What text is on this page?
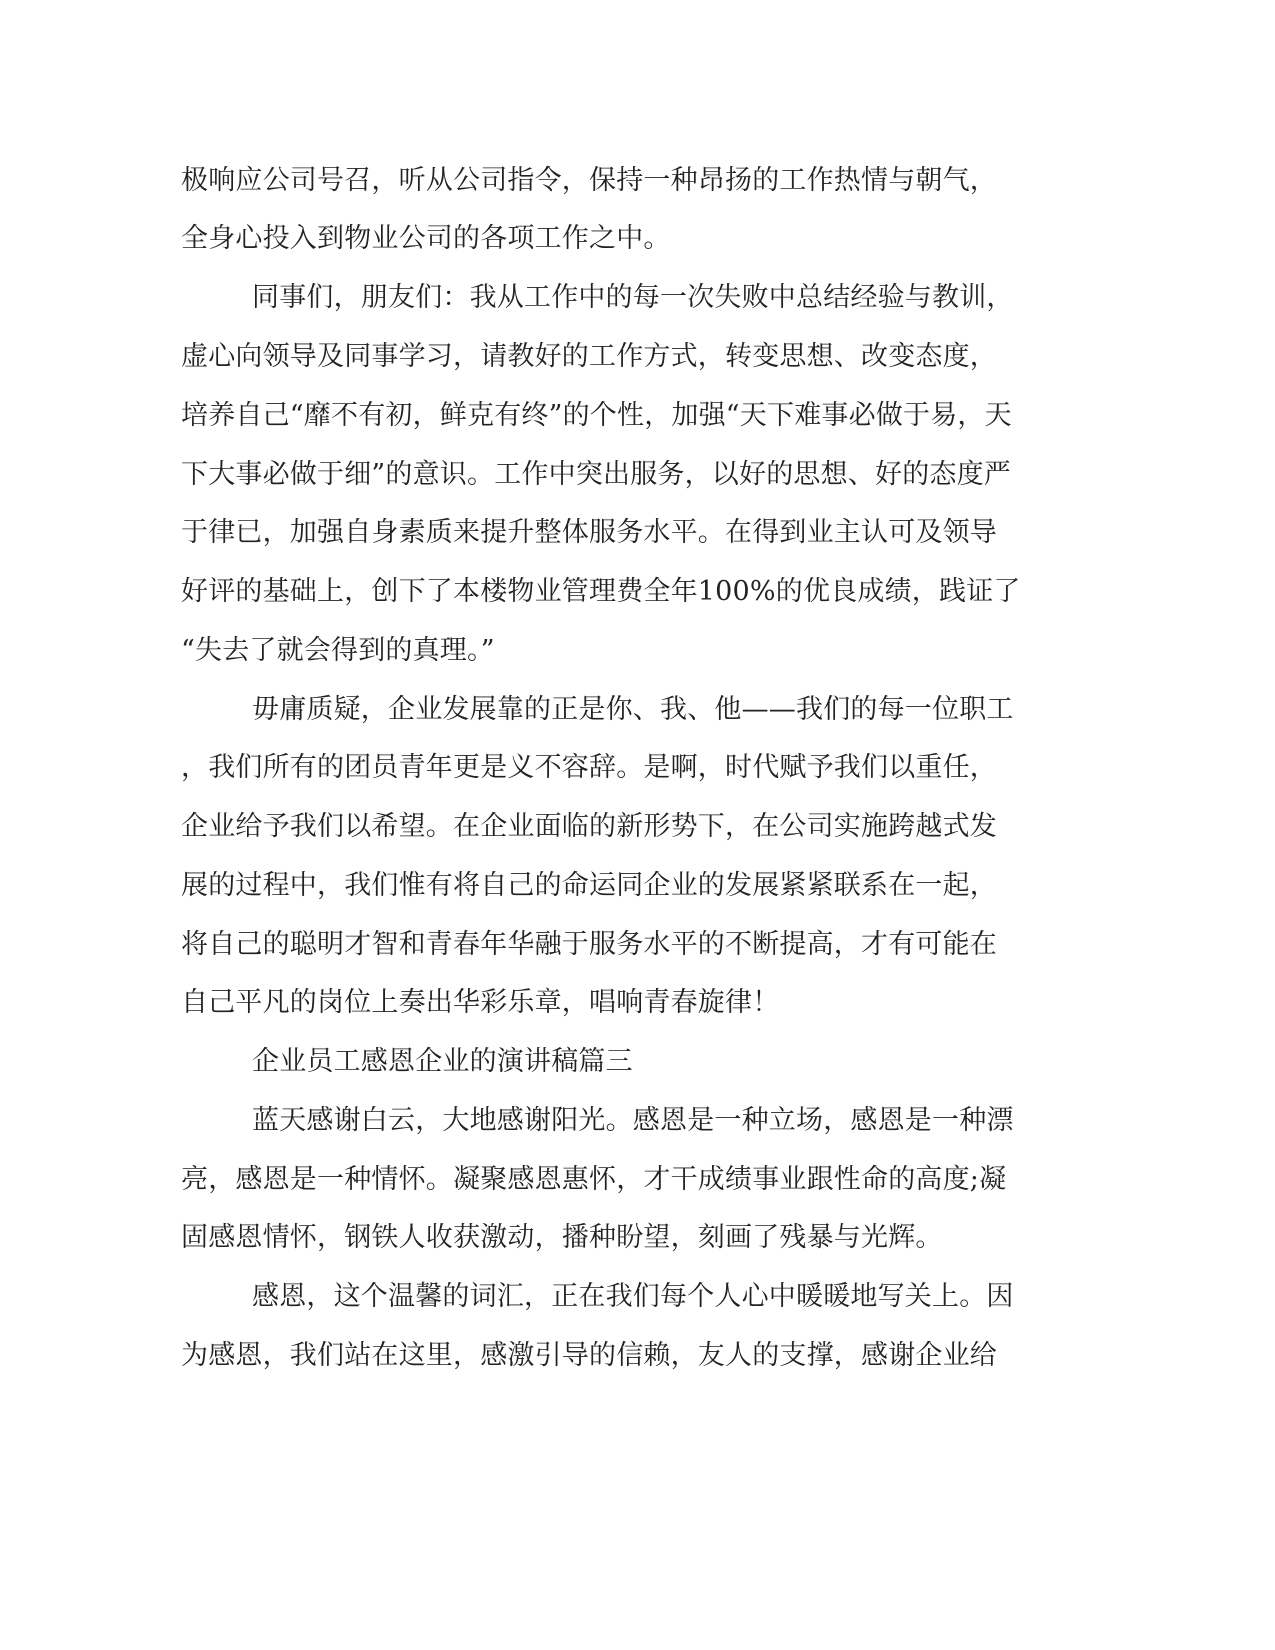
极响应公司号召，听从公司指令，保持一种昂扬的工作热情与朝气，
全身心投入到物业公司的各项工作之中。
同事们，朋友们：我从工作中的每一次失败中总结经验与教训，
虚心向领导及同事学习，请教好的工作方式，转变思想、改变态度，
培养自己“靡不有初，鲜克有终”的个性，加强“天下难事必做于易，天
下大事必做于细”的意识。工作中突出服务，以好的思想、好的态度严
于律已，加强自身素质来提升整体服务水平。在得到业主认可及领导
好评的基础上，创下了本楼物业管理费全年100%的优良成绩，践证了
“失去了就会得到的真理。”
毋庸质疑，企业发展靠的正是你、我、他——我们的每一位职工
，我们所有的团员青年更是义不容辞。是啊，时代赋予我们以重任，
企业给予我们以希望。在企业面临的新形势下，在公司实施跨越式发
展的过程中，我们惟有将自己的命运同企业的发展紧紧联系在一起，
将自己的聪明才智和青春年华融于服务水平的不断提高，才有可能在
自己平凡的岗位上奏出华彩乐章，唱响青春旋律！
企业员工感恩企业的演讲稿篇三
蓝天感谢白云，大地感谢阳光。感恩是一种立场，感恩是一种漂
亮，感恩是一种情怀。凝聚感恩惠怀，才干成绩事业跟性命的高度;凝
固感恩情怀，钢铁人收获激动，播种盼望，刻画了残暴与光辉。
感恩，这个温馨的词汇，正在我们每个人心中暖暖地写关上。因
为感恩，我们站在这里，感激引导的信赖，友人的支撑，感谢企业给
